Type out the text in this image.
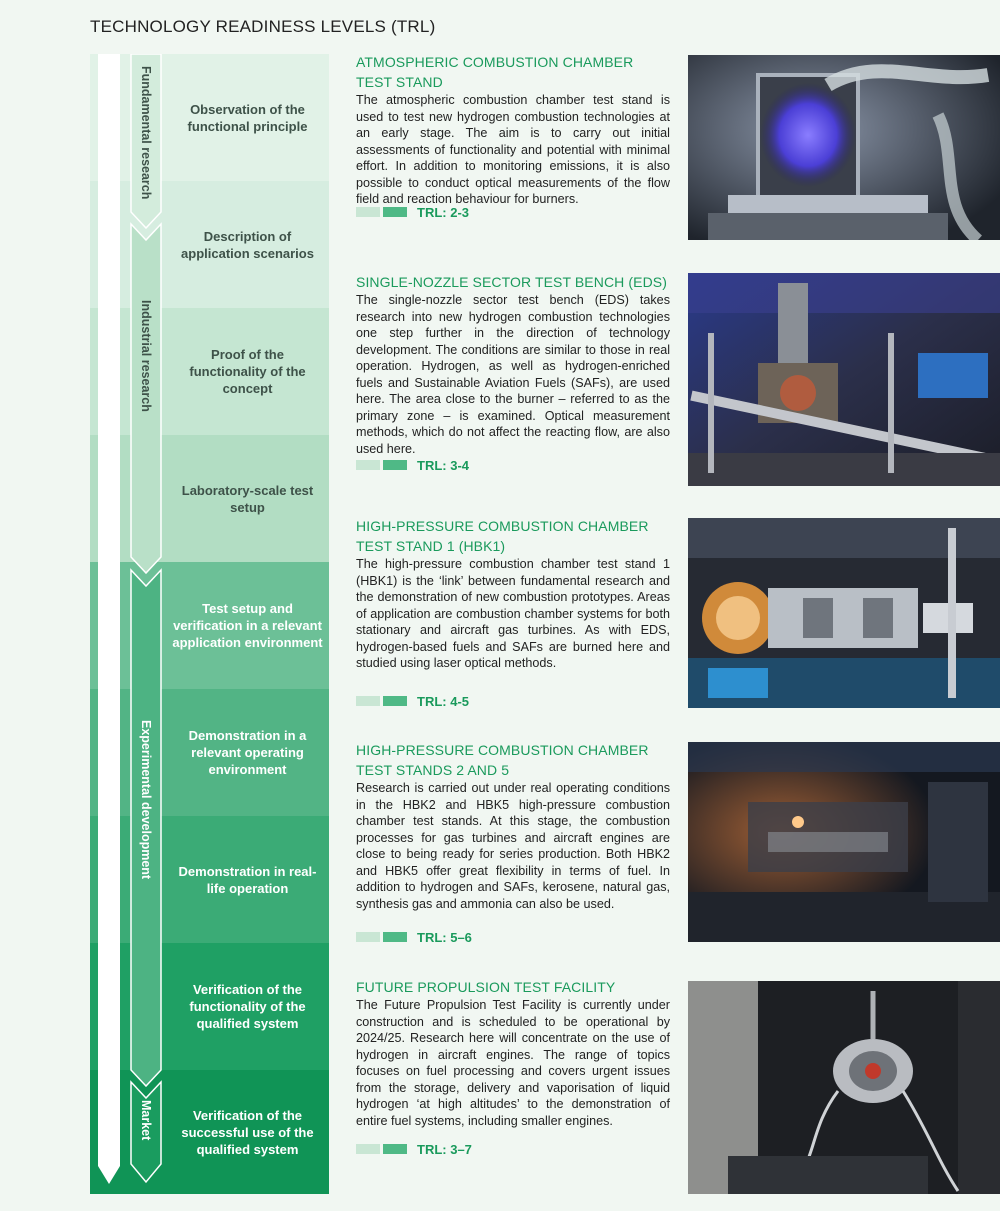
TECHNOLOGY READINESS LEVELS (TRL)
Observation of the functional principle
Description of application scenarios
Proof of the functionality of the concept
Laboratory-scale test setup
Test setup and verification in a relevant application environment
Demonstration in a relevant operating environment
Demonstration in real-life operation
Verification of the functionality of the qualified system
Verification of the successful use of the qualified system
Fundamental research
Industrial research
Experimental development
Market
ATMOSPHERIC COMBUSTION CHAMBER TEST STAND
The atmospheric combustion chamber test stand is used to test new hydrogen combustion technologies at an early stage. The aim is to carry out initial assessments of functionality and potential with minimal effort. In addition to monitoring emissions, it is also possible to conduct optical measurements of the flow field and reaction behaviour for burners.
TRL: 2-3
SINGLE-NOZZLE SECTOR TEST BENCH (EDS)
The single-nozzle sector test bench (EDS) takes research into new hydrogen combustion technologies one step further in the direction of technology development. The conditions are similar to those in real operation. Hydrogen, as well as hydrogen-enriched fuels and Sustainable Aviation Fuels (SAFs), are used here. The area close to the burner – referred to as the primary zone – is examined. Optical measurement methods, which do not affect the reacting flow, are also used here.
TRL: 3-4
HIGH-PRESSURE COMBUSTION CHAMBER TEST STAND 1 (HBK1)
The high-pressure combustion chamber test stand 1 (HBK1) is the ‘link’ between fundamental research and the demonstration of new combustion prototypes. Areas of application are combustion chamber systems for both stationary and aircraft gas turbines. As with EDS, hydrogen-based fuels and SAFs are burned here and studied using laser optical methods.
TRL: 4-5
HIGH-PRESSURE COMBUSTION CHAMBER TEST STANDS 2 AND 5
Research is carried out under real operating conditions in the HBK2 and HBK5 high-pressure combustion chamber test stands. At this stage, the combustion processes for gas turbines and aircraft engines are close to being ready for series production. Both HBK2 and HBK5 offer great flexibility in terms of fuel. In addition to hydrogen and SAFs, kerosene, natural gas, synthesis gas and ammonia can also be used.
TRL: 5–6
FUTURE PROPULSION TEST FACILITY
The Future Propulsion Test Facility is currently under construction and is scheduled to be operational by 2024/25. Research here will concentrate on the use of hydrogen in aircraft engines. The range of topics focuses on fuel processing and covers urgent issues from the storage, delivery and vaporisation of liquid hydrogen ‘at high altitudes’ to the demonstration of entire fuel systems, including smaller engines.
TRL: 3–7
